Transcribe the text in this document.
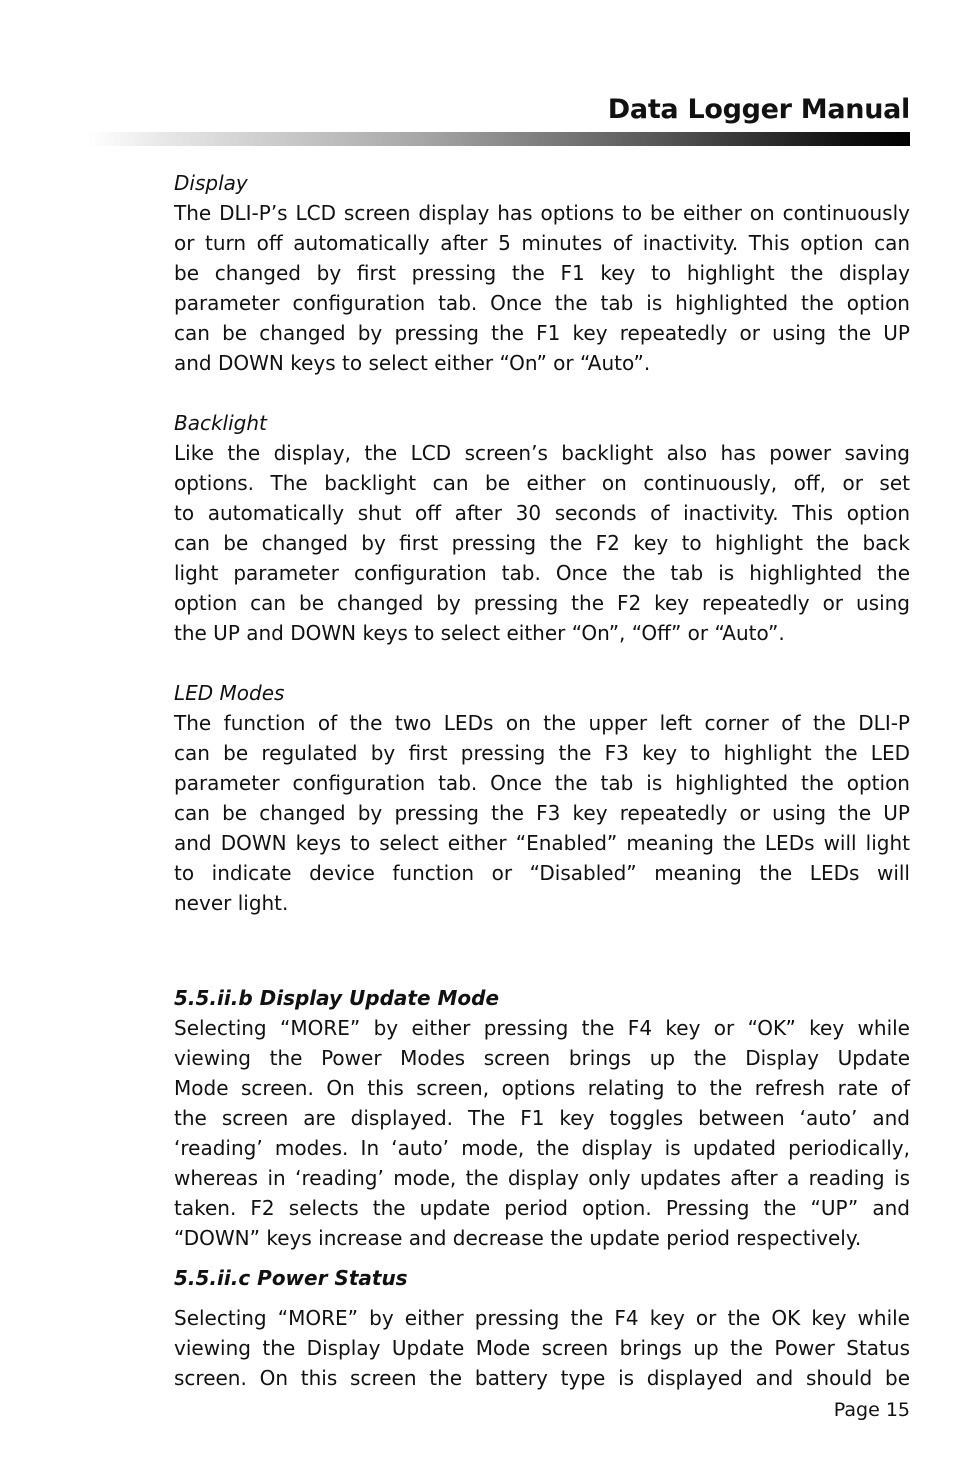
Data Logger Manual
Display
The DLI-P’s LCD screen display has options to be either on continuously
or turn off automatically after 5 minutes of inactivity. This option can
be changed by first pressing the F1 key to highlight the display
parameter configuration tab. Once the tab is highlighted the option
can be changed by pressing the F1 key repeatedly or using the UP
and DOWN keys to select either “On” or “Auto”.
Backlight
Like the display, the LCD screen’s backlight also has power saving
options. The backlight can be either on continuously, off, or set
to automatically shut off after 30 seconds of inactivity. This option
can be changed by first pressing the F2 key to highlight the back
light parameter configuration tab. Once the tab is highlighted the
option can be changed by pressing the F2 key repeatedly or using
the UP and DOWN keys to select either “On”, “Off” or “Auto”.
LED Modes
The function of the two LEDs on the upper left corner of the DLI-P
can be regulated by first pressing the F3 key to highlight the LED
parameter configuration tab. Once the tab is highlighted the option
can be changed by pressing the F3 key repeatedly or using the UP
and DOWN keys to select either “Enabled” meaning the LEDs will light
to indicate device function or “Disabled” meaning the LEDs will
never light.
5.5.ii.b Display Update Mode
Selecting “MORE” by either pressing the F4 key or “OK” key while
viewing the Power Modes screen brings up the Display Update
Mode screen. On this screen, options relating to the refresh rate of
the screen are displayed. The F1 key toggles between ‘auto’ and
‘reading’ modes. In ‘auto’ mode, the display is updated periodically,
whereas in ‘reading’ mode, the display only updates after a reading is
taken. F2 selects the update period option. Pressing the “UP” and
“DOWN” keys increase and decrease the update period respectively.
5.5.ii.c Power Status
Selecting “MORE” by either pressing the F4 key or the OK key while
viewing the Display Update Mode screen brings up the Power Status
screen. On this screen the battery type is displayed and should be
Page 15
